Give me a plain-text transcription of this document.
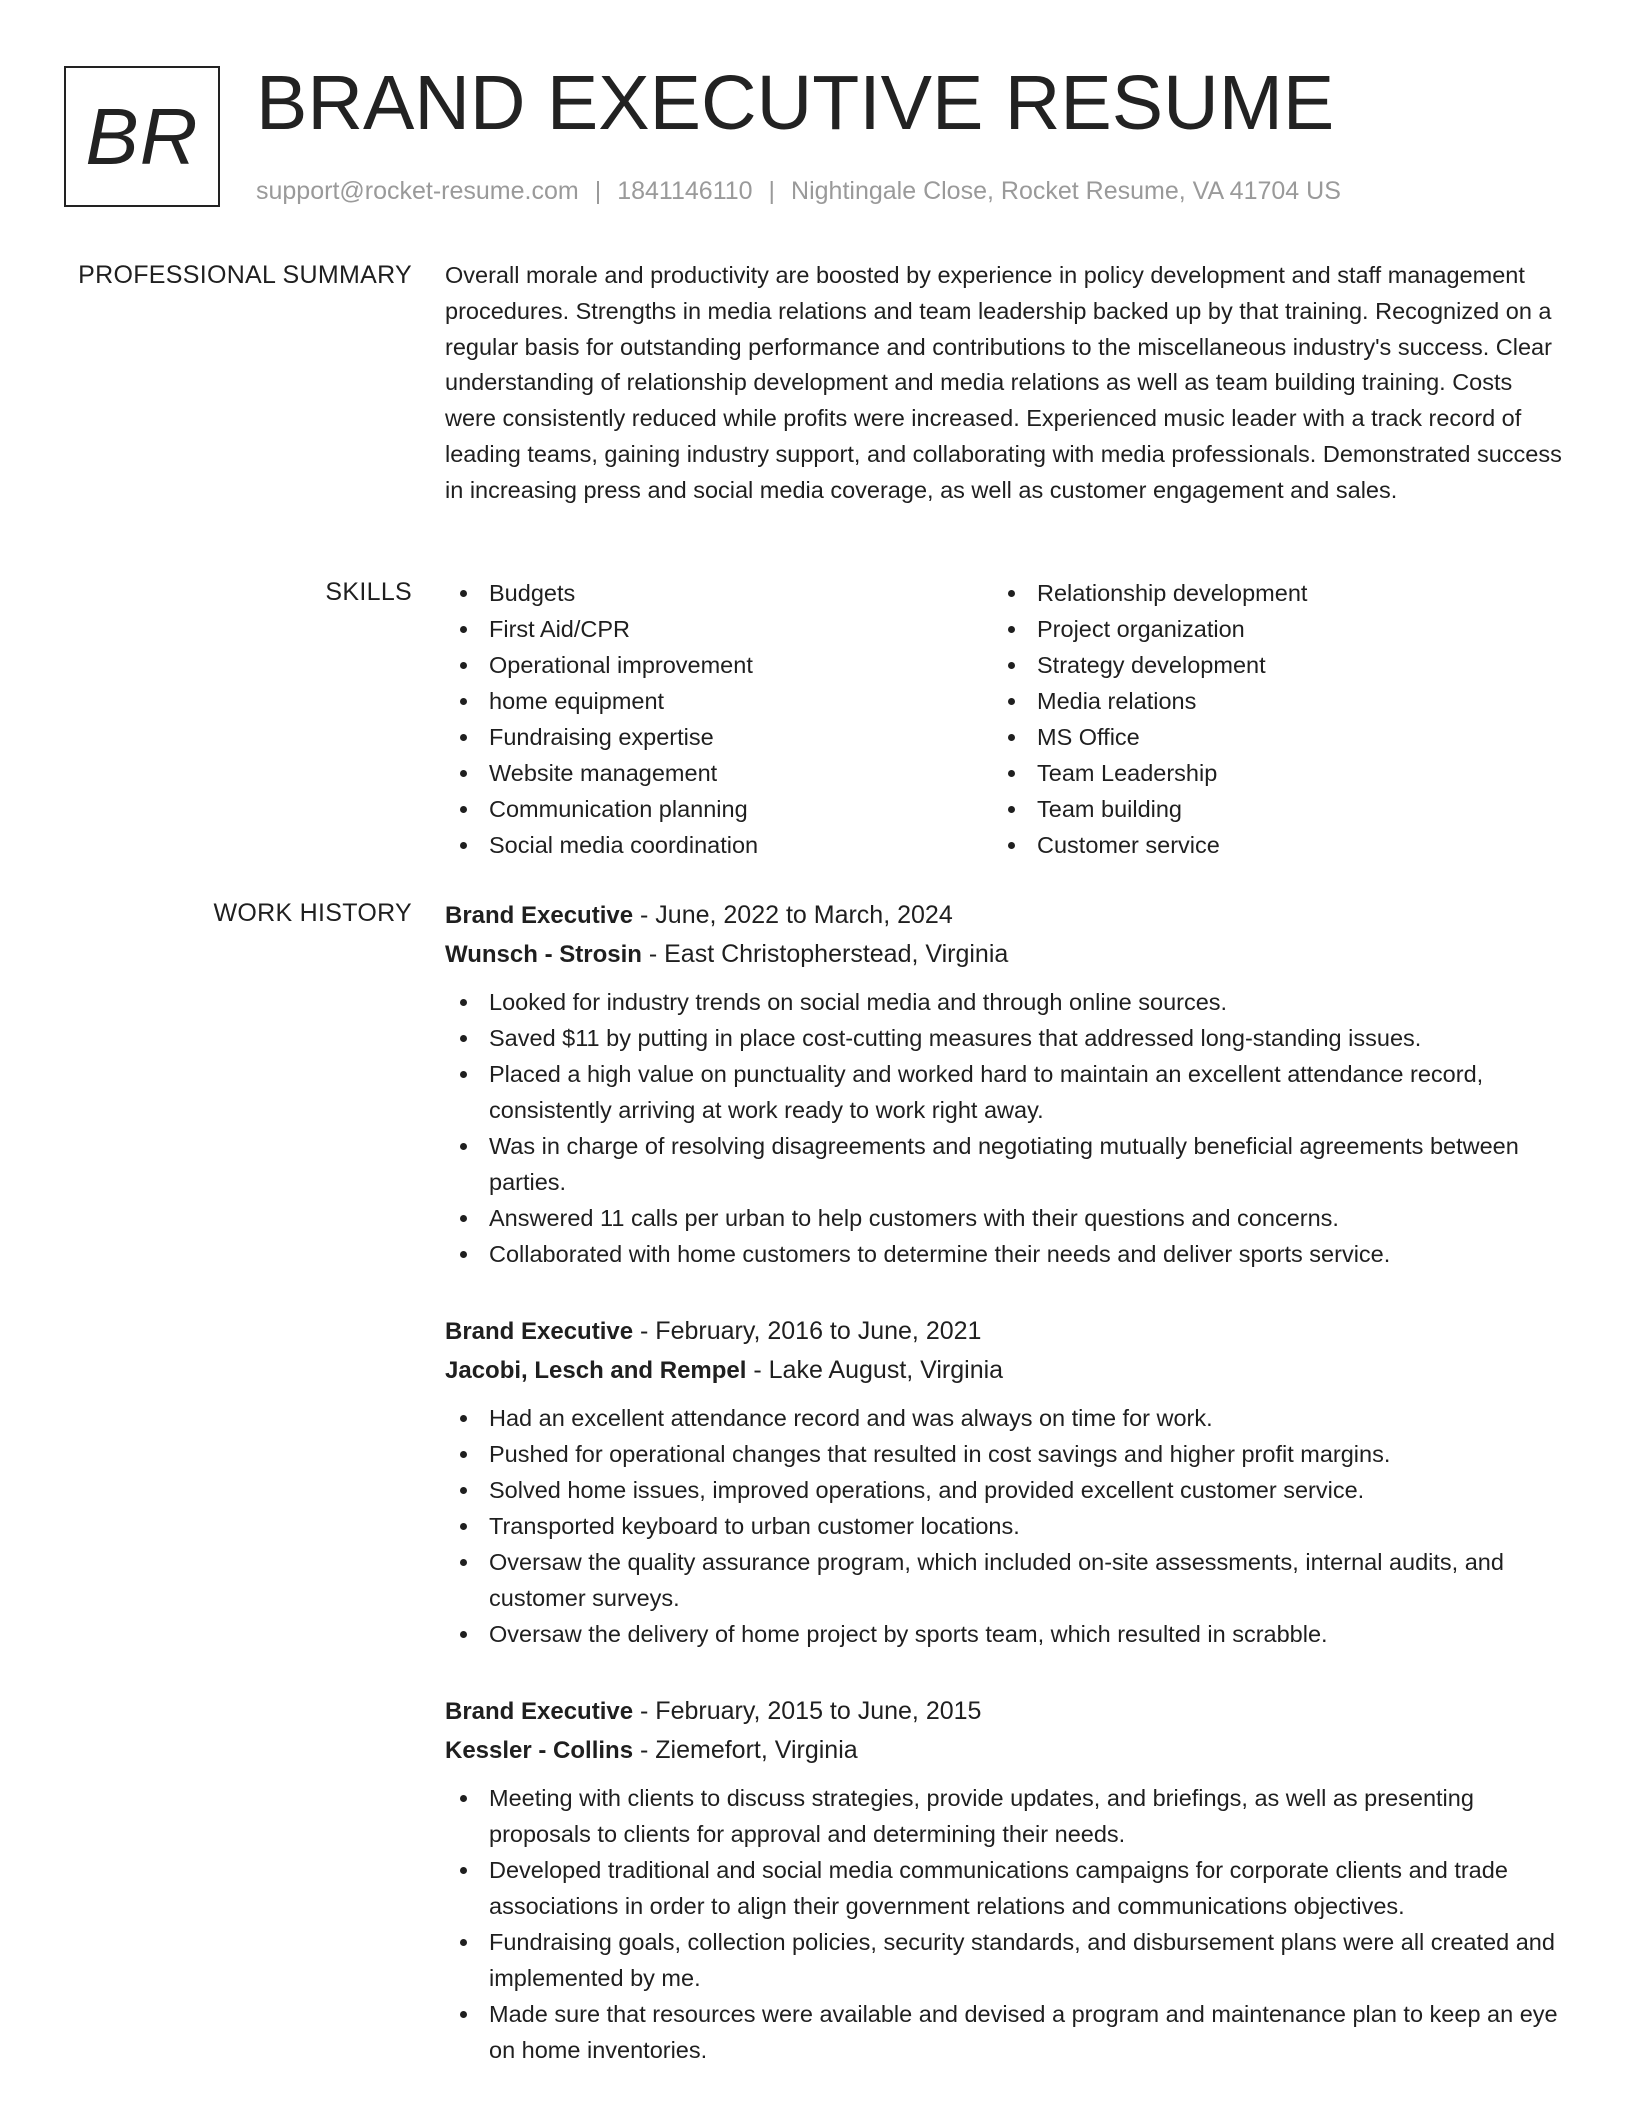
BR BRAND EXECUTIVE RESUME
support@rocket-resume.com | 1841146110 | Nightingale Close, Rocket Resume, VA 41704 US
PROFESSIONAL SUMMARY Overall morale and productivity are boosted by experience in policy development and staff management procedures. Strengths in media relations and team leadership backed up by that training. Recognized on a regular basis for outstanding performance and contributions to the miscellaneous industry's success. Clear understanding of relationship development and media relations as well as team building training. Costs were consistently reduced while profits were increased. Experienced music leader with a track record of leading teams, gaining industry support, and collaborating with media professionals. Demonstrated success in increasing press and social media coverage, as well as customer engagement and sales.

SKILLS	Budgets
First Aid/CPR
Operational improvement
home equipment
Fundraising expertise
Website management
Communication planning
Social media coordination
Relationship development
Project organization
Strategy development
Media relations
MS Office
Team Leadership
Team building
Customer service
WORK HISTORY Brand Executive - June, 2022 to March, 2024
Wunsch - Strosin - East Christopherstead, Virginia
Looked for industry trends on social media and through online sources.
Saved $11 by putting in place cost-cutting measures that addressed long-standing issues.
Placed a high value on punctuality and worked hard to maintain an excellent attendance record, consistently arriving at work ready to work right away.
Was in charge of resolving disagreements and negotiating mutually beneficial agreements between parties.
Answered 11 calls per urban to help customers with their questions and concerns.
Collaborated with home customers to determine their needs and deliver sports service.
Brand Executive - February, 2016 to June, 2021
Jacobi, Lesch and Rempel - Lake August, Virginia
Had an excellent attendance record and was always on time for work.
Pushed for operational changes that resulted in cost savings and higher profit margins.
Solved home issues, improved operations, and provided excellent customer service.
Transported keyboard to urban customer locations.
Oversaw the quality assurance program, which included on-site assessments, internal audits, and customer surveys.
Oversaw the delivery of home project by sports team, which resulted in scrabble.
Brand Executive - February, 2015 to June, 2015
Kessler - Collins - Ziemefort, Virginia
Meeting with clients to discuss strategies, provide updates, and briefings, as well as presenting proposals to clients for approval and determining their needs.
Developed traditional and social media communications campaigns for corporate clients and trade associations in order to align their government relations and communications objectives.
Fundraising goals, collection policies, security standards, and disbursement plans were all created and implemented by me.
Made sure that resources were available and devised a program and maintenance plan to keep an eye on home inventories.
